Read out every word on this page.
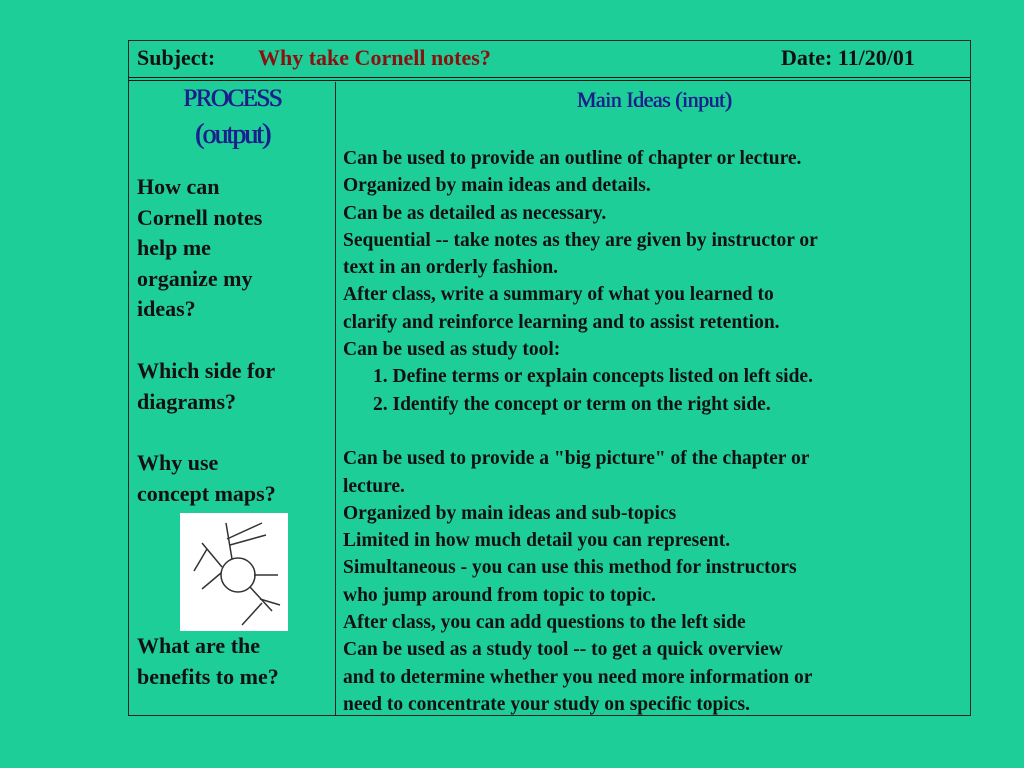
Subject: Why take Cornell notes?	Date: 11/20/01
PROCESS
(output)
How can
Cornell notes
help me
organize my
ideas?
Which side for
diagrams?
Why use
concept maps?
What are the
benefits to me?
Main Ideas (input)
Can be used to provide an outline of chapter or lecture.
Organized by main ideas and details.
Can be as detailed as necessary.
Sequential -- take notes as they are given by instructor or
text in an orderly fashion.
After class, write a summary of what you learned to
clarify and reinforce learning and to assist retention.
Can be used as study tool:
1. Define terms or explain concepts listed on left side.
2. Identify the concept or term on the right side.
Can be used to provide a "big picture" of the chapter or
lecture.
Organized by main ideas and sub-topics
Limited in how much detail you can represent.
Simultaneous - you can use this method for instructors
who jump around from topic to topic.
After class, you can add questions to the left side
Can be used as a study tool -- to get a quick overview
and to determine whether you need more information or
need to concentrate your study on specific topics.
